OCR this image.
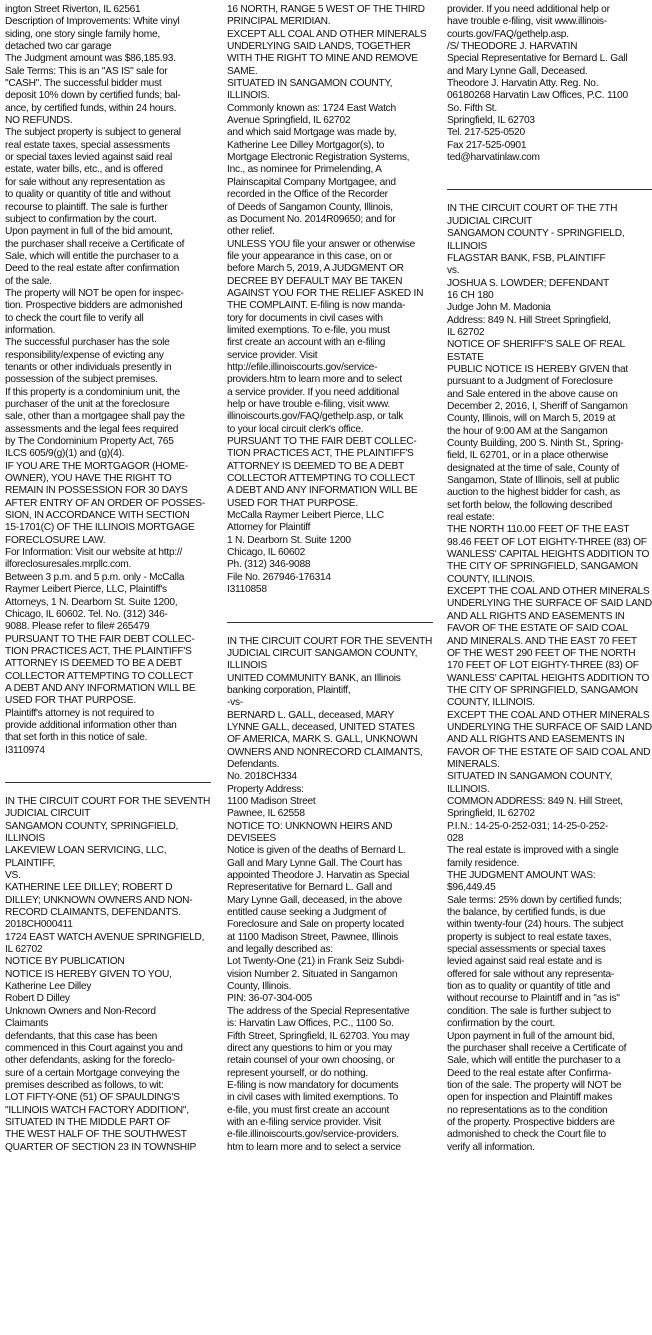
ington Street Riverton, IL 62561
Description of Improvements: White vinyl
siding, one story single family home,
detached two car garage
The Judgment amount was $86,185.93.
Sale Terms: This is an "AS IS" sale for
"CASH". The successful bidder must
deposit 10% down by certified funds; bal-
ance, by certified funds, within 24 hours.
NO REFUNDS.
The subject property is subject to general
real estate taxes, special assessments
or special taxes levied against said real
estate, water bills, etc., and is offered
for sale without any representation as
to quality or quantity of title and without
recourse to plaintiff. The sale is further
subject to confirmation by the court.
Upon payment in full of the bid amount,
the purchaser shall receive a Certificate of
Sale, which will entitle the purchaser to a
Deed to the real estate after confirmation
of the sale.
The property will NOT be open for inspec-
tion. Prospective bidders are admonished
to check the court file to verify all
information.
The successful purchaser has the sole
responsibility/expense of evicting any
tenants or other individuals presently in
possession of the subject premises.
If this property is a condominium unit, the
purchaser of the unit at the foreclosure
sale, other than a mortgagee shall pay the
assessments and the legal fees required
by The Condominium Property Act, 765
ILCS 605/9(g)(1) and (g)(4).
IF YOU ARE THE MORTGAGOR (HOME-
OWNER), YOU HAVE THE RIGHT TO
REMAIN IN POSSESSION FOR 30 DAYS
AFTER ENTRY OF AN ORDER OF POSSES-
SION, IN ACCORDANCE WITH SECTION
15-1701(C) OF THE ILLINOIS MORTGAGE
FORECLOSURE LAW.
For Information: Visit our website at http://
ilforeclosuresales.mrpllc.com.
Between 3 p.m. and 5 p.m. only - McCalla
Raymer Leibert Pierce, LLC, Plaintiff's
Attorneys, 1 N. Dearborn St. Suite 1200,
Chicago, IL 60602. Tel. No. (312) 346-
9088. Please refer to file# 265479
PURSUANT TO THE FAIR DEBT COLLEC-
TION PRACTICES ACT, THE PLAINTIFF'S
ATTORNEY IS DEEMED TO BE A DEBT
COLLECTOR ATTEMPTING TO COLLECT
A DEBT AND ANY INFORMATION WILL BE
USED FOR THAT PURPOSE.
Plaintiff's attorney is not required to
provide additional information other than
that set forth in this notice of sale.
I3110974
IN THE CIRCUIT COURT FOR THE SEVENTH
JUDICIAL CIRCUIT
SANGAMON COUNTY, SPRINGFIELD,
ILLINOIS
LAKEVIEW LOAN SERVICING, LLC,
PLAINTIFF,
VS.
KATHERINE LEE DILLEY; ROBERT D
DILLEY; UNKNOWN OWNERS AND NON-
RECORD CLAIMANTS, DEFENDANTS.
2018CH000411
1724 EAST WATCH AVENUE SPRINGFIELD,
IL 62702
NOTICE BY PUBLICATION
NOTICE IS HEREBY GIVEN TO YOU,
Katherine Lee Dilley
Robert D Dilley
Unknown Owners and Non-Record
Claimants
defendants, that this case has been
commenced in this Court against you and
other defendants, asking for the foreclo-
sure of a certain Mortgage conveying the
premises described as follows, to wit:
LOT FIFTY-ONE (51) OF SPAULDING'S
"ILLINOIS WATCH FACTORY ADDITION",
SITUATED IN THE MIDDLE PART OF
THE WEST HALF OF THE SOUTHWEST
QUARTER OF SECTION 23 IN TOWNSHIP
16 NORTH, RANGE 5 WEST OF THE THIRD
PRINCIPAL MERIDIAN.
EXCEPT ALL COAL AND OTHER MINERALS
UNDERLYING SAID LANDS, TOGETHER
WITH THE RIGHT TO MINE AND REMOVE
SAME.
SITUATED IN SANGAMON COUNTY,
ILLINOIS.
Commonly known as: 1724 East Watch
Avenue Springfield, IL 62702
and which said Mortgage was made by,
Katherine Lee Dilley Mortgagor(s), to
Mortgage Electronic Registration Systems,
Inc., as nominee for Primelending, A
Plainscapital Company Mortgagee, and
recorded in the Office of the Recorder
of Deeds of Sangamon County, Illinois,
as Document No. 2014R09650; and for
other relief.
UNLESS YOU file your answer or otherwise
file your appearance in this case, on or
before March 5, 2019, A JUDGMENT OR
DECREE BY DEFAULT MAY BE TAKEN
AGAINST YOU FOR THE RELIEF ASKED IN
THE COMPLAINT. E-filing is now manda-
tory for documents in civil cases with
limited exemptions. To e-file, you must
first create an account with an e-filing
service provider. Visit
http://efile.illinoiscourts.gov/service-
providers.htm to learn more and to select
a service provider. If you need additional
help or have trouble e-filing, visit www.
illinoiscourts.gov/FAQ/gethelp.asp, or talk
to your local circuit clerk's office.
PURSUANT TO THE FAIR DEBT COLLEC-
TION PRACTICES ACT, THE PLAINTIFF'S
ATTORNEY IS DEEMED TO BE A DEBT
COLLECTOR ATTEMPTING TO COLLECT
A DEBT AND ANY INFORMATION WILL BE
USED FOR THAT PURPOSE.
McCalla Raymer Leibert Pierce, LLC
Attorney for Plaintiff
1 N. Dearborn St. Suite 1200
Chicago, IL 60602
Ph. (312) 346-9088
File No. 267946-176314
I3110858
IN THE CIRCUIT COURT FOR THE SEVENTH
JUDICIAL CIRCUIT SANGAMON COUNTY,
ILLINOIS
UNITED COMMUNITY BANK, an Illinois
banking corporation, Plaintiff,
-vs-
BERNARD L. GALL, deceased, MARY
LYNNE GALL, deceased, UNITED STATES
OF AMERICA, MARK S. GALL, UNKNOWN
OWNERS AND NONRECORD CLAIMANTS,
Defendants.
No. 2018CH334
Property Address:
1100 Madison Street
Pawnee, IL 62558
NOTICE TO: UNKNOWN HEIRS AND
DEVISEES
Notice is given of the deaths of Bernard L.
Gall and Mary Lynne Gall. The Court has
appointed Theodore J. Harvatin as Special
Representative for Bernard L. Gall and
Mary Lynne Gall, deceased, in the above
entitled cause seeking a Judgment of
Foreclosure and Sale on property located
at 1100 Madison Street, Pawnee, Illinois
and legally described as:
Lot Twenty-One (21) in Frank Seiz Subdi-
vision Number 2. Situated in Sangamon
County, Illinois.
PIN: 36-07-304-005
The address of the Special Representative
is: Harvatin Law Offices, P.C., 1100 So.
Fifth Street, Springfield, IL 62703. You may
direct any questions to him or you may
retain counsel of your own choosing, or
represent yourself, or do nothing.
E-filing is now mandatory for documents
in civil cases with limited exemptions. To
e-file, you must first create an account
with an e-filing service provider. Visit
e-file.illinoiscourts.gov/service-providers.
htm to learn more and to select a service
provider. If you need additional help or
have trouble e-filing, visit www.illinois-
courts.gov/FAQ/gethelp.asp.
/S/ THEODORE J. HARVATIN
Special Representative for Bernard L. Gall
and Mary Lynne Gall, Deceased.
Theodore J. Harvatin Atty. Reg. No.
06180268 Harvatin Law Offices, P.C. 1100
So. Fifth St.
Springfield, IL 62703
Tel. 217-525-0520
Fax 217-525-0901
ted@harvatinlaw.com
IN THE CIRCUIT COURT OF THE 7TH
JUDICIAL CIRCUIT
SANGAMON COUNTY - SPRINGFIELD,
ILLINOIS
FLAGSTAR BANK, FSB, PLAINTIFF
vs.
JOSHUA S. LOWDER; DEFENDANT
16 CH 180
Judge John M. Madonia
Address: 849 N. Hill Street Springfield,
IL 62702
NOTICE OF SHERIFF'S SALE OF REAL
ESTATE
PUBLIC NOTICE IS HEREBY GIVEN that
pursuant to a Judgment of Foreclosure
and Sale entered in the above cause on
December 2, 2016, I, Sheriff of Sangamon
County, Illinois, will on March 5, 2019 at
the hour of 9:00 AM at the Sangamon
County Building, 200 S. Ninth St., Spring-
field, IL 62701, or in a place otherwise
designated at the time of sale, County of
Sangamon, State of Illinois, sell at public
auction to the highest bidder for cash, as
set forth below, the following described
real estate:
THE NORTH 110.00 FEET OF THE EAST
98.46 FEET OF LOT EIGHTY-THREE (83) OF
WANLESS' CAPITAL HEIGHTS ADDITION TO
THE CITY OF SPRINGFIELD, SANGAMON
COUNTY, ILLINOIS.
EXCEPT THE COAL AND OTHER MINERALS
UNDERLYING THE SURFACE OF SAID LAND
AND ALL RIGHTS AND EASEMENTS IN
FAVOR OF THE ESTATE OF SAID COAL
AND MINERALS. AND THE EAST 70 FEET
OF THE WEST 290 FEET OF THE NORTH
170 FEET OF LOT EIGHTY-THREE (83) OF
WANLESS' CAPITAL HEIGHTS ADDITION TO
THE CITY OF SPRINGFIELD, SANGAMON
COUNTY, ILLINOIS.
EXCEPT THE COAL AND OTHER MINERALS
UNDERLYING THE SURFACE OF SAID LAND
AND ALL RIGHTS AND EASEMENTS IN
FAVOR OF THE ESTATE OF SAID COAL AND
MINERALS.
SITUATED IN SANGAMON COUNTY,
ILLINOIS.
COMMON ADDRESS: 849 N. Hill Street,
Springfield, IL 62702
P.I.N.: 14-25-0-252-031; 14-25-0-252-
028
The real estate is improved with a single
family residence.
THE JUDGMENT AMOUNT WAS:
$96,449.45
Sale terms: 25% down by certified funds;
the balance, by certified funds, is due
within twenty-four (24) hours. The subject
property is subject to real estate taxes,
special assessments or special taxes
levied against said real estate and is
offered for sale without any representa-
tion as to quality or quantity of title and
without recourse to Plaintiff and in "as is"
condition. The sale is further subject to
confirmation by the court.
Upon payment in full of the amount bid,
the purchaser shall receive a Certificate of
Sale, which will entitle the purchaser to a
Deed to the real estate after Confirma-
tion of the sale. The property will NOT be
open for inspection and Plaintiff makes
no representations as to the condition
of the property. Prospective bidders are
admonished to check the Court file to
verify all information.
